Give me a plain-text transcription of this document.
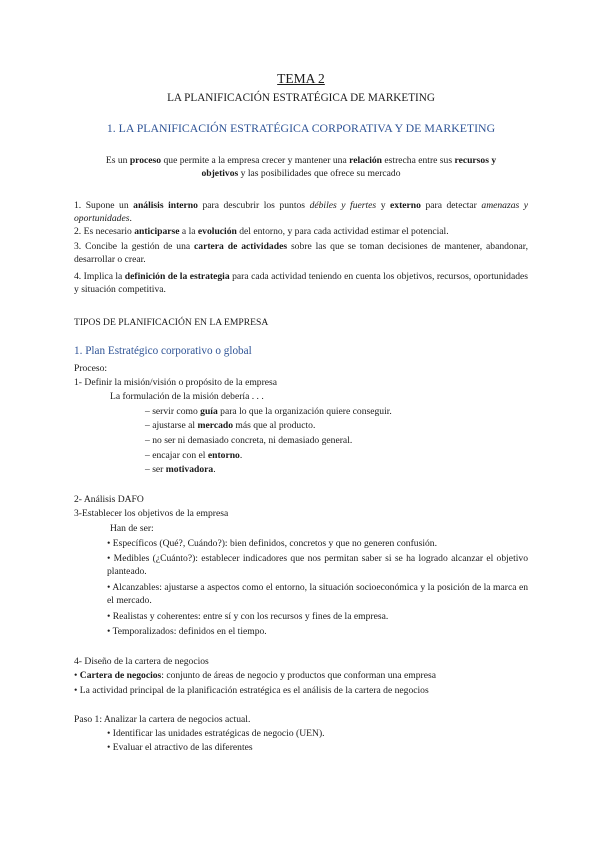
TEMA 2
LA PLANIFICACIÓN ESTRATÉGICA DE MARKETING
1. LA PLANIFICACIÓN ESTRATÉGICA CORPORATIVA Y DE MARKETING
Es un proceso que permite a la empresa crecer y mantener una relación estrecha entre sus recursos y
objetivos y las posibilidades que ofrece su mercado
1. Supone un análisis interno para descubrir los puntos débiles y fuertes y externo para detectar amenazas y oportunidades.
2. Es necesario anticiparse a la evolución del entorno, y para cada actividad estimar el potencial.
3. Concibe la gestión de una cartera de actividades sobre las que se toman decisiones de mantener, abandonar, desarrollar o crear.
4. Implica la definición de la estrategia para cada actividad teniendo en cuenta los objetivos, recursos, oportunidades y situación competitiva.
TIPOS DE PLANIFICACIÓN EN LA EMPRESA
1. Plan Estratégico corporativo o global
Proceso:
1- Definir la misión/visión o propósito de la empresa
La formulación de la misión debería . . .
– servir como guía para lo que la organización quiere conseguir.
– ajustarse al mercado más que al producto.
– no ser ni demasiado concreta, ni demasiado general.
– encajar con el entorno.
– ser motivadora.
2- Análisis DAFO
3-Establecer los objetivos de la empresa
Han de ser:
• Específicos (Qué?, Cuándo?): bien definidos, concretos y que no generen confusión.
• Medibles (¿Cuánto?): establecer indicadores que nos permitan saber si se ha logrado alcanzar el objetivo planteado.
• Alcanzables: ajustarse a aspectos como el entorno, la situación socioeconómica y la posición de la marca en el mercado.
• Realistas y coherentes: entre sí y con los recursos y fines de la empresa.
• Temporalizados: definidos en el tiempo.
4- Diseño de la cartera de negocios
• Cartera de negocios: conjunto de áreas de negocio y productos que conforman una empresa
• La actividad principal de la planificación estratégica es el análisis de la cartera de negocios
Paso 1: Analizar la cartera de negocios actual.
• Identificar las unidades estratégicas de negocio (UEN).
• Evaluar el atractivo de las diferentes
